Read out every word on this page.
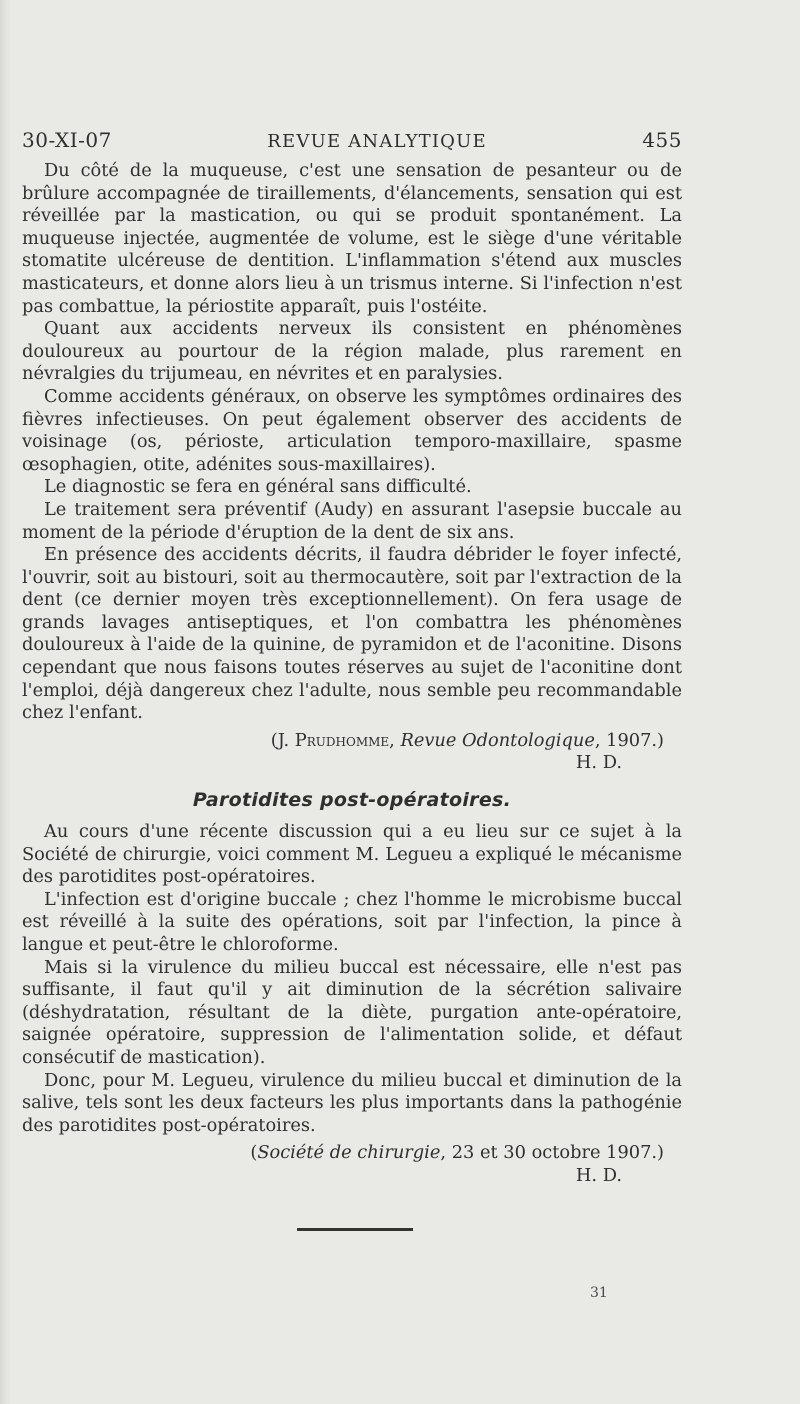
30-XI-07	REVUE ANALYTIQUE	455

Du côté de la muqueuse, c'est une sensation de pesanteur ou de brûlure accompagnée de tiraillements, d'élancements, sensation qui est réveillée par la mastication, ou qui se produit spontanément. La muqueuse injectée, augmentée de volume, est le siège d'une véritable stomatite ulcéreuse de dentition. L'inflammation s'étend aux muscles masticateurs, et donne alors lieu à un trismus interne. Si l'infection n'est pas combattue, la périostite apparaît, puis l'ostéite.

Quant aux accidents nerveux ils consistent en phénomènes douloureux au pourtour de la région malade, plus rarement en névralgies du trijumeau, en névrites et en paralysies.

Comme accidents généraux, on observe les symptômes ordinaires des fièvres infectieuses. On peut également observer des accidents de voisinage (os, périoste, articulation temporo-maxillaire, spasme œsophagien, otite, adénites sous-maxillaires).

Le diagnostic se fera en général sans difficulté.

Le traitement sera préventif (Audy) en assurant l'asepsie buccale au moment de la période d'éruption de la dent de six ans.

En présence des accidents décrits, il faudra débrider le foyer infecté, l'ouvrir, soit au bistouri, soit au thermocautère, soit par l'extraction de la dent (ce dernier moyen très exceptionnellement). On fera usage de grands lavages antiseptiques, et l'on combattra les phénomènes douloureux à l'aide de la quinine, de pyramidon et de l'aconitine. Disons cependant que nous faisons toutes réserves au sujet de l'aconitine dont l'emploi, déjà dangereux chez l'adulte, nous semble peu recommandable chez l'enfant.

(J. Prudhomme, Revue Odontologique, 1907.)
H. D.
Parotidites post-opératoires.

Au cours d'une récente discussion qui a eu lieu sur ce sujet à la Société de chirurgie, voici comment M. Legueu a expliqué le mécanisme des parotidites post-opératoires.

L'infection est d'origine buccale ; chez l'homme le microbisme buccal est réveillé à la suite des opérations, soit par l'infection, la pince à langue et peut-être le chloroforme.

Mais si la virulence du milieu buccal est nécessaire, elle n'est pas suffisante, il faut qu'il y ait diminution de la sécrétion salivaire (déshydratation, résultant de la diète, purgation ante-opératoire, saignée opératoire, suppression de l'alimentation solide, et défaut consécutif de mastication).

Donc, pour M. Legueu, virulence du milieu buccal et diminution de la salive, tels sont les deux facteurs les plus importants dans la pathogénie des parotidites post-opératoires.

(Société de chirurgie, 23 et 30 octobre 1907.)
H. D.
31
